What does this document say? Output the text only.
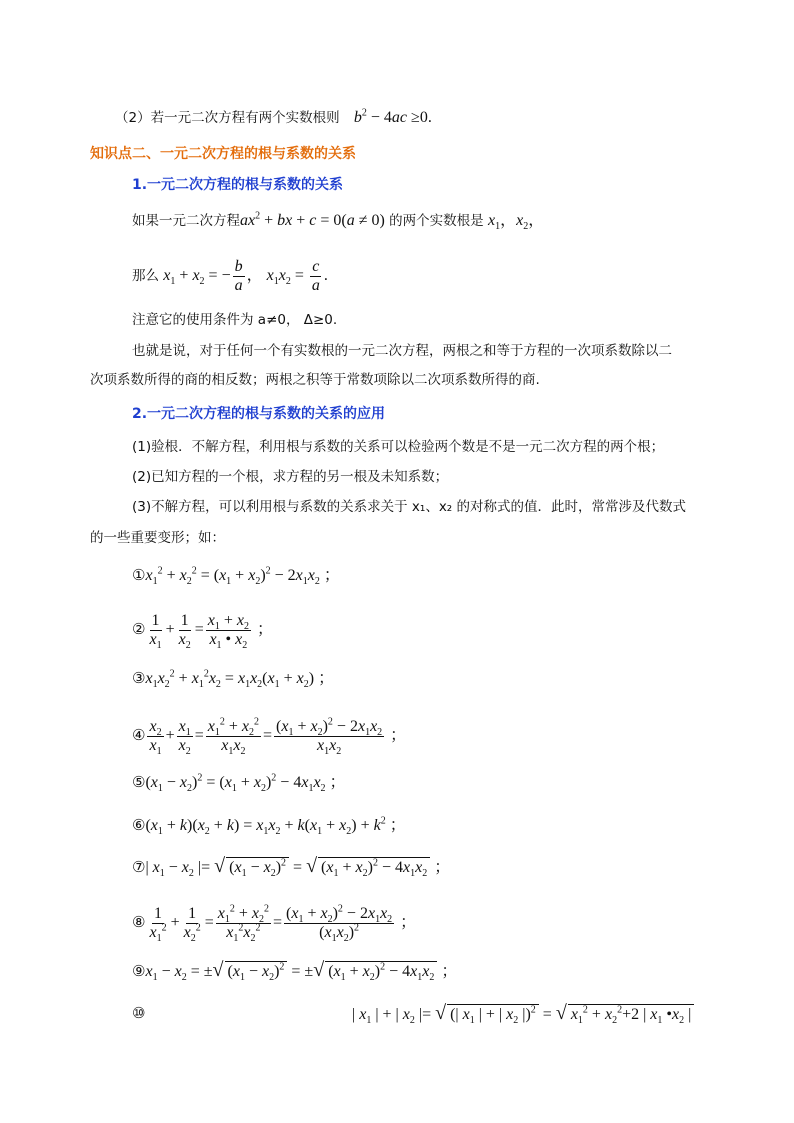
（2）若一元二次方程有两个实数根则 $b^2 - 4ac \ge 0$.
知识点二、一元二次方程的根与系数的关系
1.一元二次方程的根与系数的关系
如果一元二次方程$ax^2$ + bx + c = 0(a ≠ 0) 的两个实数根是 $x_1$，$x_2$，
那么 $x_1 + x_2$ = − $\frac{b}{a}$ ， $x_1x_2 = \frac{c}{a}$ .
注意它的使用条件为 a≠0， Δ≥0.
也就是说，对于任何一个有实数根的一元二次方程，两根之和等于方程的一次项系数除以二
次项系数所得的商的相反数；两根之积等于常数项除以二次项系数所得的商.
2.一元二次方程的根与系数的关系的应用
(1)验根．不解方程，利用根与系数的关系可以检验两个数是不是一元二次方程的两个根；
(2)已知方程的一个根，求方程的另一根及未知系数；
(3)不解方程，可以利用根与系数的关系求关于 x₁、x₂ 的对称式的值．此时，常常涉及代数式
的一些重要变形；如：
$①x_1^2 + x_2^2 = (x_1 + x_2)^2 - 2x_1x_2$ ；
② $\frac{1}{x_1} + \frac{1}{x_2} = \frac{x_1 + x_2}{x_1 • x_2}$ ；
$③x_1x_2^2 + x_1^2x_2 = x_1x_2(x_1 + x_2)$ ；
④ $\frac{x_2}{x_1} + \frac{x_1}{x_2} = \frac{x_1^2 + x_2^2}{x_1x_2} = \frac{(x_1 + x_2)^2 - 2x_1x_2}{x_1x_2}$ ；
$⑤(x_1 - x_2)^2 = (x_1 + x_2)^2 - 4x_1x_2$ ；
$⑥(x_1 + k)(x_2 + k) = x_1x_2 + k(x_1 + x_2) + k^2$ ；
⑦| $x_1 - x_2$ |= √ $(x_1 - x_2)^2$ = √ $(x_1 + x_2)^2 - 4x_1x_2$ ；
⑧ $\frac{1}{x_1^2} + \frac{1}{x_2^2} = \frac{x_1^2 + x_2^2}{x_1^2x_2^2} = \frac{(x_1 + x_2)^2 - 2x_1x_2}{(x_1x_2)^2}$ ；
$⑨x_1 - x_2$ = ±√ $(x_1 - x_2)^2$ = ±√ $(x_1 + x_2)^2 - 4x_1x_2$ ；
⑩	| $x_1$ | + | $x_2$ |= √ (| $x_1$ | + | $x_2$ |)$^2$ = √ $x_1^2 + x_2^2+2$ | $x_1$ $•x_2$ |
